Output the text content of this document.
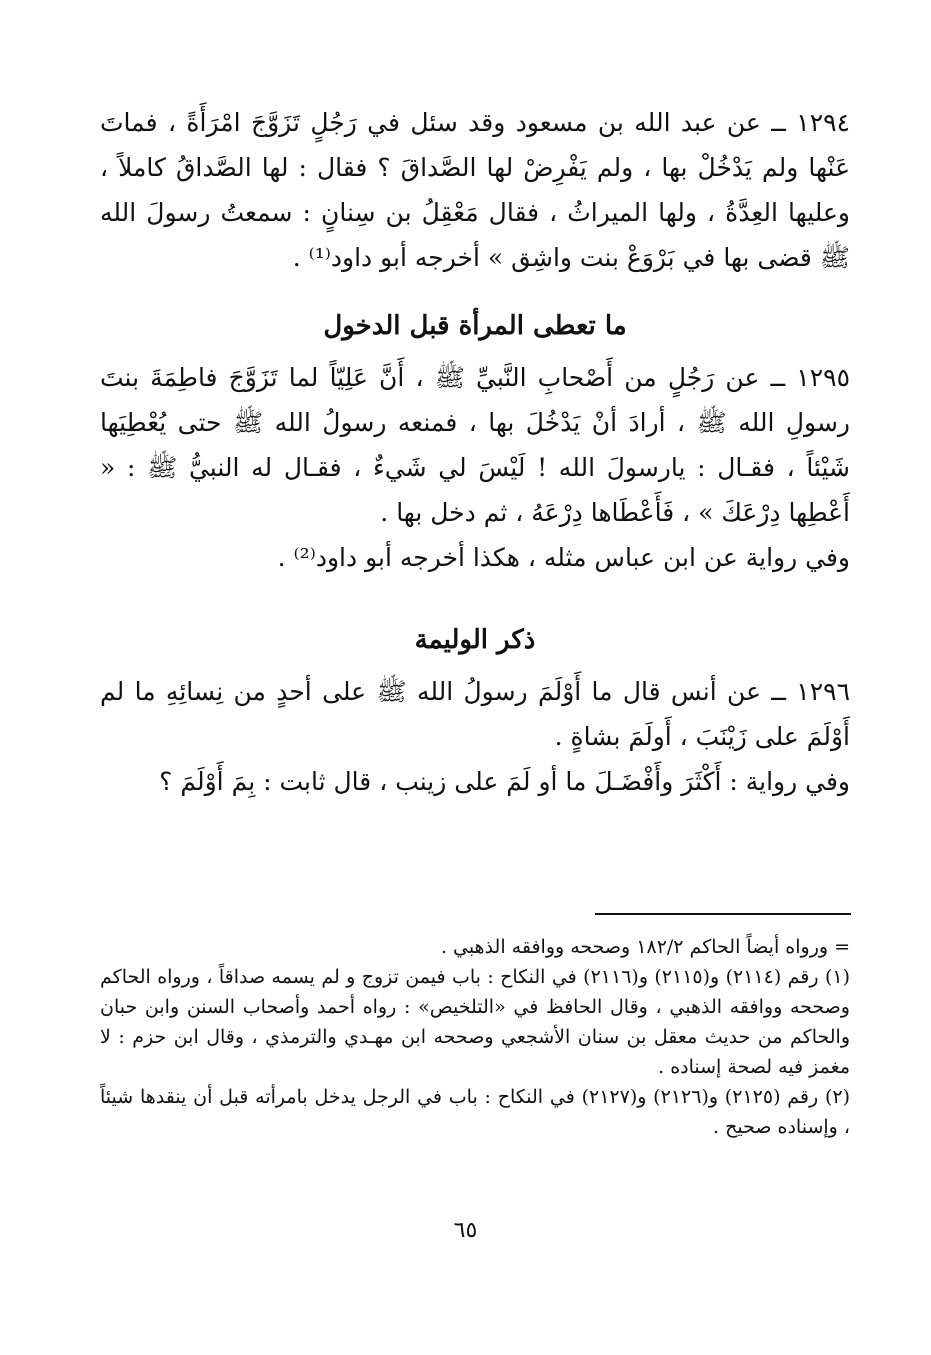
١٢٩٤ ــ عن عبد الله بن مسعود وقد سئل في رَجُلٍ تَزَوَّجَ امْرَأَةً ، فماتَ عَنْها ولم يَدْخُلْ بها ، ولم يَفْرِضْ لها الصَّداقَ ؟ فقال : لها الصَّداقُ كاملاً ، وعليها العِدَّةُ ، ولها الميراثُ ، فقال مَعْقِلُ بن سِنانٍ : سمعتُ رسولَ الله ﷺ قضى بها في بَرْوَعْ بنت واشِق » أخرجه أبو داود⁽¹⁾ .

ما تعطى المرأة قبل الدخول

١٢٩٥ ــ عن رَجُلٍ من أَصْحابِ النَّبيِّ ﷺ ، أَنَّ عَلِيّاً لما تَزَوَّجَ فاطِمَةَ بنتَ رسولِ الله ﷺ ، أرادَ أنْ يَدْخُلَ بها ، فمنعه رسولُ الله ﷺ حتى يُعْطِيَها شَيْئاً ، فقـال : يارسولَ الله ! لَيْسَ لي شَيءٌ ، فقـال له النبيُّ ﷺ : « أَعْطِها دِرْعَكَ » ، فَأَعْطَاها دِرْعَهُ ، ثم دخل بها .

وفي رواية عن ابن عباس مثله ، هكذا أخرجه أبو داود⁽²⁾ .

ذكر الوليمة

١٢٩٦ ــ عن أنس قال ما أَوْلَمَ رسولُ الله ﷺ على أحدٍ من نِسائِهِ ما لم أَوْلَمَ على زَيْنَبَ ، أَولَمَ بشاةٍ .

وفي رواية : أَكْثَرَ وأَفْضَـلَ ما أو لَمَ على زينب ، قال ثابت : بِمَ أَوْلَمَ ؟

= ورواه أيضاً الحاكم ١٨٢/٢ وصححه ووافقه الذهبي .

(١) رقم (٢١١٤) و(٢١١٥) و(٢١١٦) في النكاح : باب فيمن تزوج و لم يسمه صداقاً ، ورواه الحاكم وصححه ووافقه الذهبي ، وقال الحافظ في «التلخيص» : رواه أحمد وأصحاب السنن وابن حبان والحاكم من حديث معقل بن سنان الأشجعي وصححه ابن مهـدي والترمذي ، وقال ابن حزم : لا مغمز فيه لصحة إسناده .

(٢) رقم (٢١٢٥) و(٢١٢٦) و(٢١٢٧) في النكاح : باب في الرجل يدخل بامرأته قبل أن ينقدها شيئاً ، وإسناده صحيح .

٦٥
